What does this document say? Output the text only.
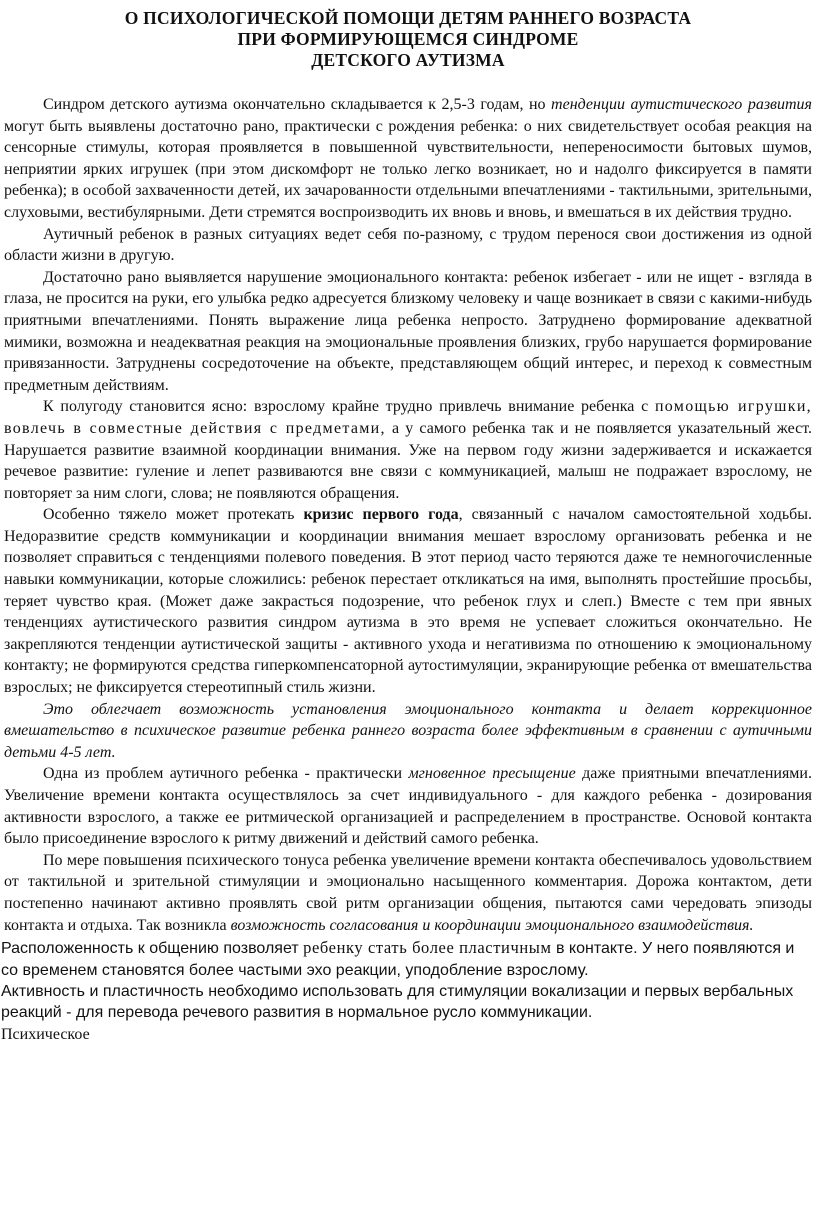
О ПСИХОЛОГИЧЕСКОЙ ПОМОЩИ ДЕТЯМ РАННЕГО ВОЗРАСТА
ПРИ ФОРМИРУЮЩЕМСЯ СИНДРОМЕ
ДЕТСКОГО АУТИЗМА

Синдром детского аутизма окончательно складывается к 2,5-3 годам, но тенденции аутистического развития могут быть выявлены достаточно рано, практически с рождения ребенка: о них свидетельствует особая реакция на сенсорные стимулы, которая проявляется в повышенной чувствительности, непереносимости бытовых шумов, неприятии ярких игрушек (при этом дискомфорт не только легко возникает, но и надолго фиксируется в памяти ребенка); в особой захваченности детей, их зачарованности отдельными впечатлениями - тактильными, зрительными, слуховыми, вестибулярными. Дети стремятся воспроизводить их вновь и вновь, и вмешаться в их действия трудно.

Аутичный ребенок в разных ситуациях ведет себя по-разному, с трудом перенося свои достижения из одной области жизни в другую.

Достаточно рано выявляется нарушение эмоционального контакта: ребенок избегает - или не ищет - взгляда в глаза, не просится на руки, его улыбка редко адресуется близкому человеку и чаще возникает в связи с какими-нибудь приятными впечатлениями. Понять выражение лица ребенка непросто. Затруднено формирование адекватной мимики, возможна и неадекватная реакция на эмоциональные проявления близких, грубо нарушается формирование привязанности. Затруднены сосредоточение на объекте, представляющем общий интерес, и переход к совместным предметным действиям.

К полугоду становится ясно: взрослому крайне трудно привлечь внимание ребенка с помощью игрушки, вовлечь в совместные действия с предметами, а у самого ребенка так и не появляется указательный жест. Нарушается развитие взаимной координации внимания. Уже на первом году жизни задерживается и искажается речевое развитие: гуление и лепет развиваются вне связи с коммуникацией, малыш не подражает взрослому, не повторяет за ним слоги, слова; не появляются обращения.

Особенно тяжело может протекать кризис первого года, связанный с началом самостоятельной ходьбы. Недоразвитие средств коммуникации и координации внимания мешает взрослому организовать ребенка и не позволяет справиться с тенденциями полевого поведения. В этот период часто теряются даже те немногочисленные навыки коммуникации, которые сложились: ребенок перестает откликаться на имя, выполнять простейшие просьбы, теряет чувство края. (Может даже закрасться подозрение, что ребенок глух и слеп.) Вместе с тем при явных тенденциях аутистического развития синдром аутизма в это время не успевает сложиться окончательно. Не закрепляются тенденции аутистической защиты - активного ухода и негативизма по отношению к эмоциональному контакту; не формируются средства гиперкомпенсаторной аутостимуляции, экранирующие ребенка от вмешательства взрослых; не фиксируется стереотипный стиль жизни.

Это облегчает возможность установления эмоционального контакта и делает коррекционное вмешательство в психическое развитие ребенка раннего возраста более эффективным в сравнении с аутичными детьми 4-5 лет.

Одна из проблем аутичного ребенка - практически мгновенное пресыщение даже приятными впечатлениями. Увеличение времени контакта осуществлялось за счет индивидуального - для каждого ребенка - дозирования активности взрослого, а также ее ритмической организацией и распределением в пространстве. Основой контакта было присоединение взрослого к ритму движений и действий самого ребенка.

По мере повышения психического тонуса ребенка увеличение времени контакта обеспечивалось удовольствием от тактильной и зрительной стимуляции и эмоционально насыщенного комментария. Дорожа контактом, дети постепенно начинают активно проявлять свой ритм организации общения, пытаются сами чередовать эпизоды контакта и отдыха. Так возникла возможность согласования и координации эмоционального взаимодействия.

Расположенность к общению позволяет ребенку стать более пластичным в контакте. У него появляются и со временем становятся более частыми эхо реакции, уподобление взрослому.

Активность и пластичность необходимо использовать для стимуляции вокализации и первых вербальных реакций - для перевода речевого развития в нормальное русло коммуникации.

Психическое
